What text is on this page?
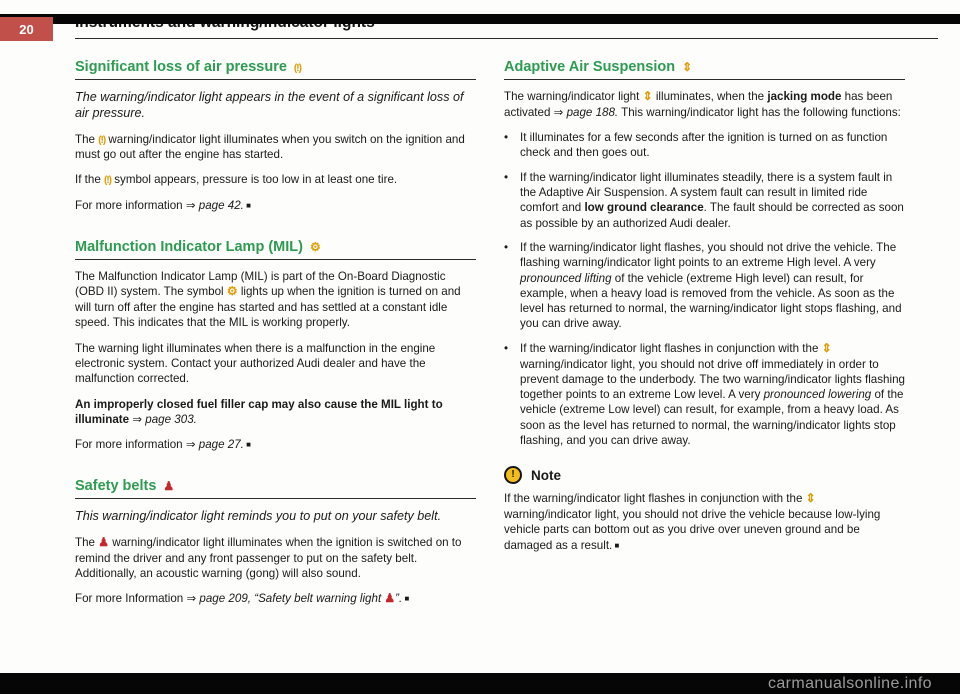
20
Significant loss of air pressure (!)

The warning/indicator light appears in the event of a significant loss of air pressure.

The (!) warning/indicator light illuminates when you switch on the ignition and must go out after the engine has started.

If the (!) symbol appears, pressure is too low in at least one tire.

For more information ⇒ page 42. ■

Malfunction Indicator Lamp (MIL) ⚙

The Malfunction Indicator Lamp (MIL) is part of the On-Board Diagnostic (OBD II) system. The symbol ⚙ lights up when the ignition is turned on and will turn off after the engine has started and has settled at a constant idle speed. This indicates that the MIL is working properly.

The warning light illuminates when there is a malfunction in the engine electronic system. Contact your authorized Audi dealer and have the malfunction corrected.

An improperly closed fuel filler cap may also cause the MIL light to illuminate ⇒ page 303.

For more information ⇒ page 27. ■

Safety belts ♟

This warning/indicator light reminds you to put on your safety belt.

The ♟ warning/indicator light illuminates when the ignition is switched on to remind the driver and any front passenger to put on the safety belt. Additionally, an acoustic warning (gong) will also sound.

For more Information ⇒ page 209, “Safety belt warning light ♟”. ■

Adaptive Air Suspension ⇕

The warning/indicator light ⇕ illuminates, when the jacking mode has been activated ⇒ page 188. This warning/indicator light has the following functions:

• It illuminates for a few seconds after the ignition is turned on as function check and then goes out.
• If the warning/indicator light illuminates steadily, there is a system fault in the Adaptive Air Suspension. A system fault can result in limited ride comfort and low ground clearance. The fault should be corrected as soon as possible by an authorized Audi dealer.
• If the warning/indicator light flashes, you should not drive the vehicle. The flashing warning/indicator light points to an extreme High level. A very pronounced lifting of the vehicle (extreme High level) can result, for example, when a heavy load is removed from the vehicle. As soon as the level has returned to normal, the warning/indicator light stops flashing, and you can drive away.
• If the warning/indicator light flashes in conjunction with the ⇕ warning/indicator light, you should not drive off immediately in order to prevent damage to the underbody. The two warning/indicator lights flashing together points to an extreme Low level. A very pronounced lowering of the vehicle (extreme Low level) can result, for example, from a heavy load. As soon as the level has returned to normal, the warning/indicator lights stop flashing, and you can drive away.
!	Note

If the warning/indicator light flashes in conjunction with the ⇕ warning/indicator light, you should not drive the vehicle because low-lying vehicle parts can bottom out as you drive over uneven ground and be damaged as a result. ■

carmanualsonline.info
